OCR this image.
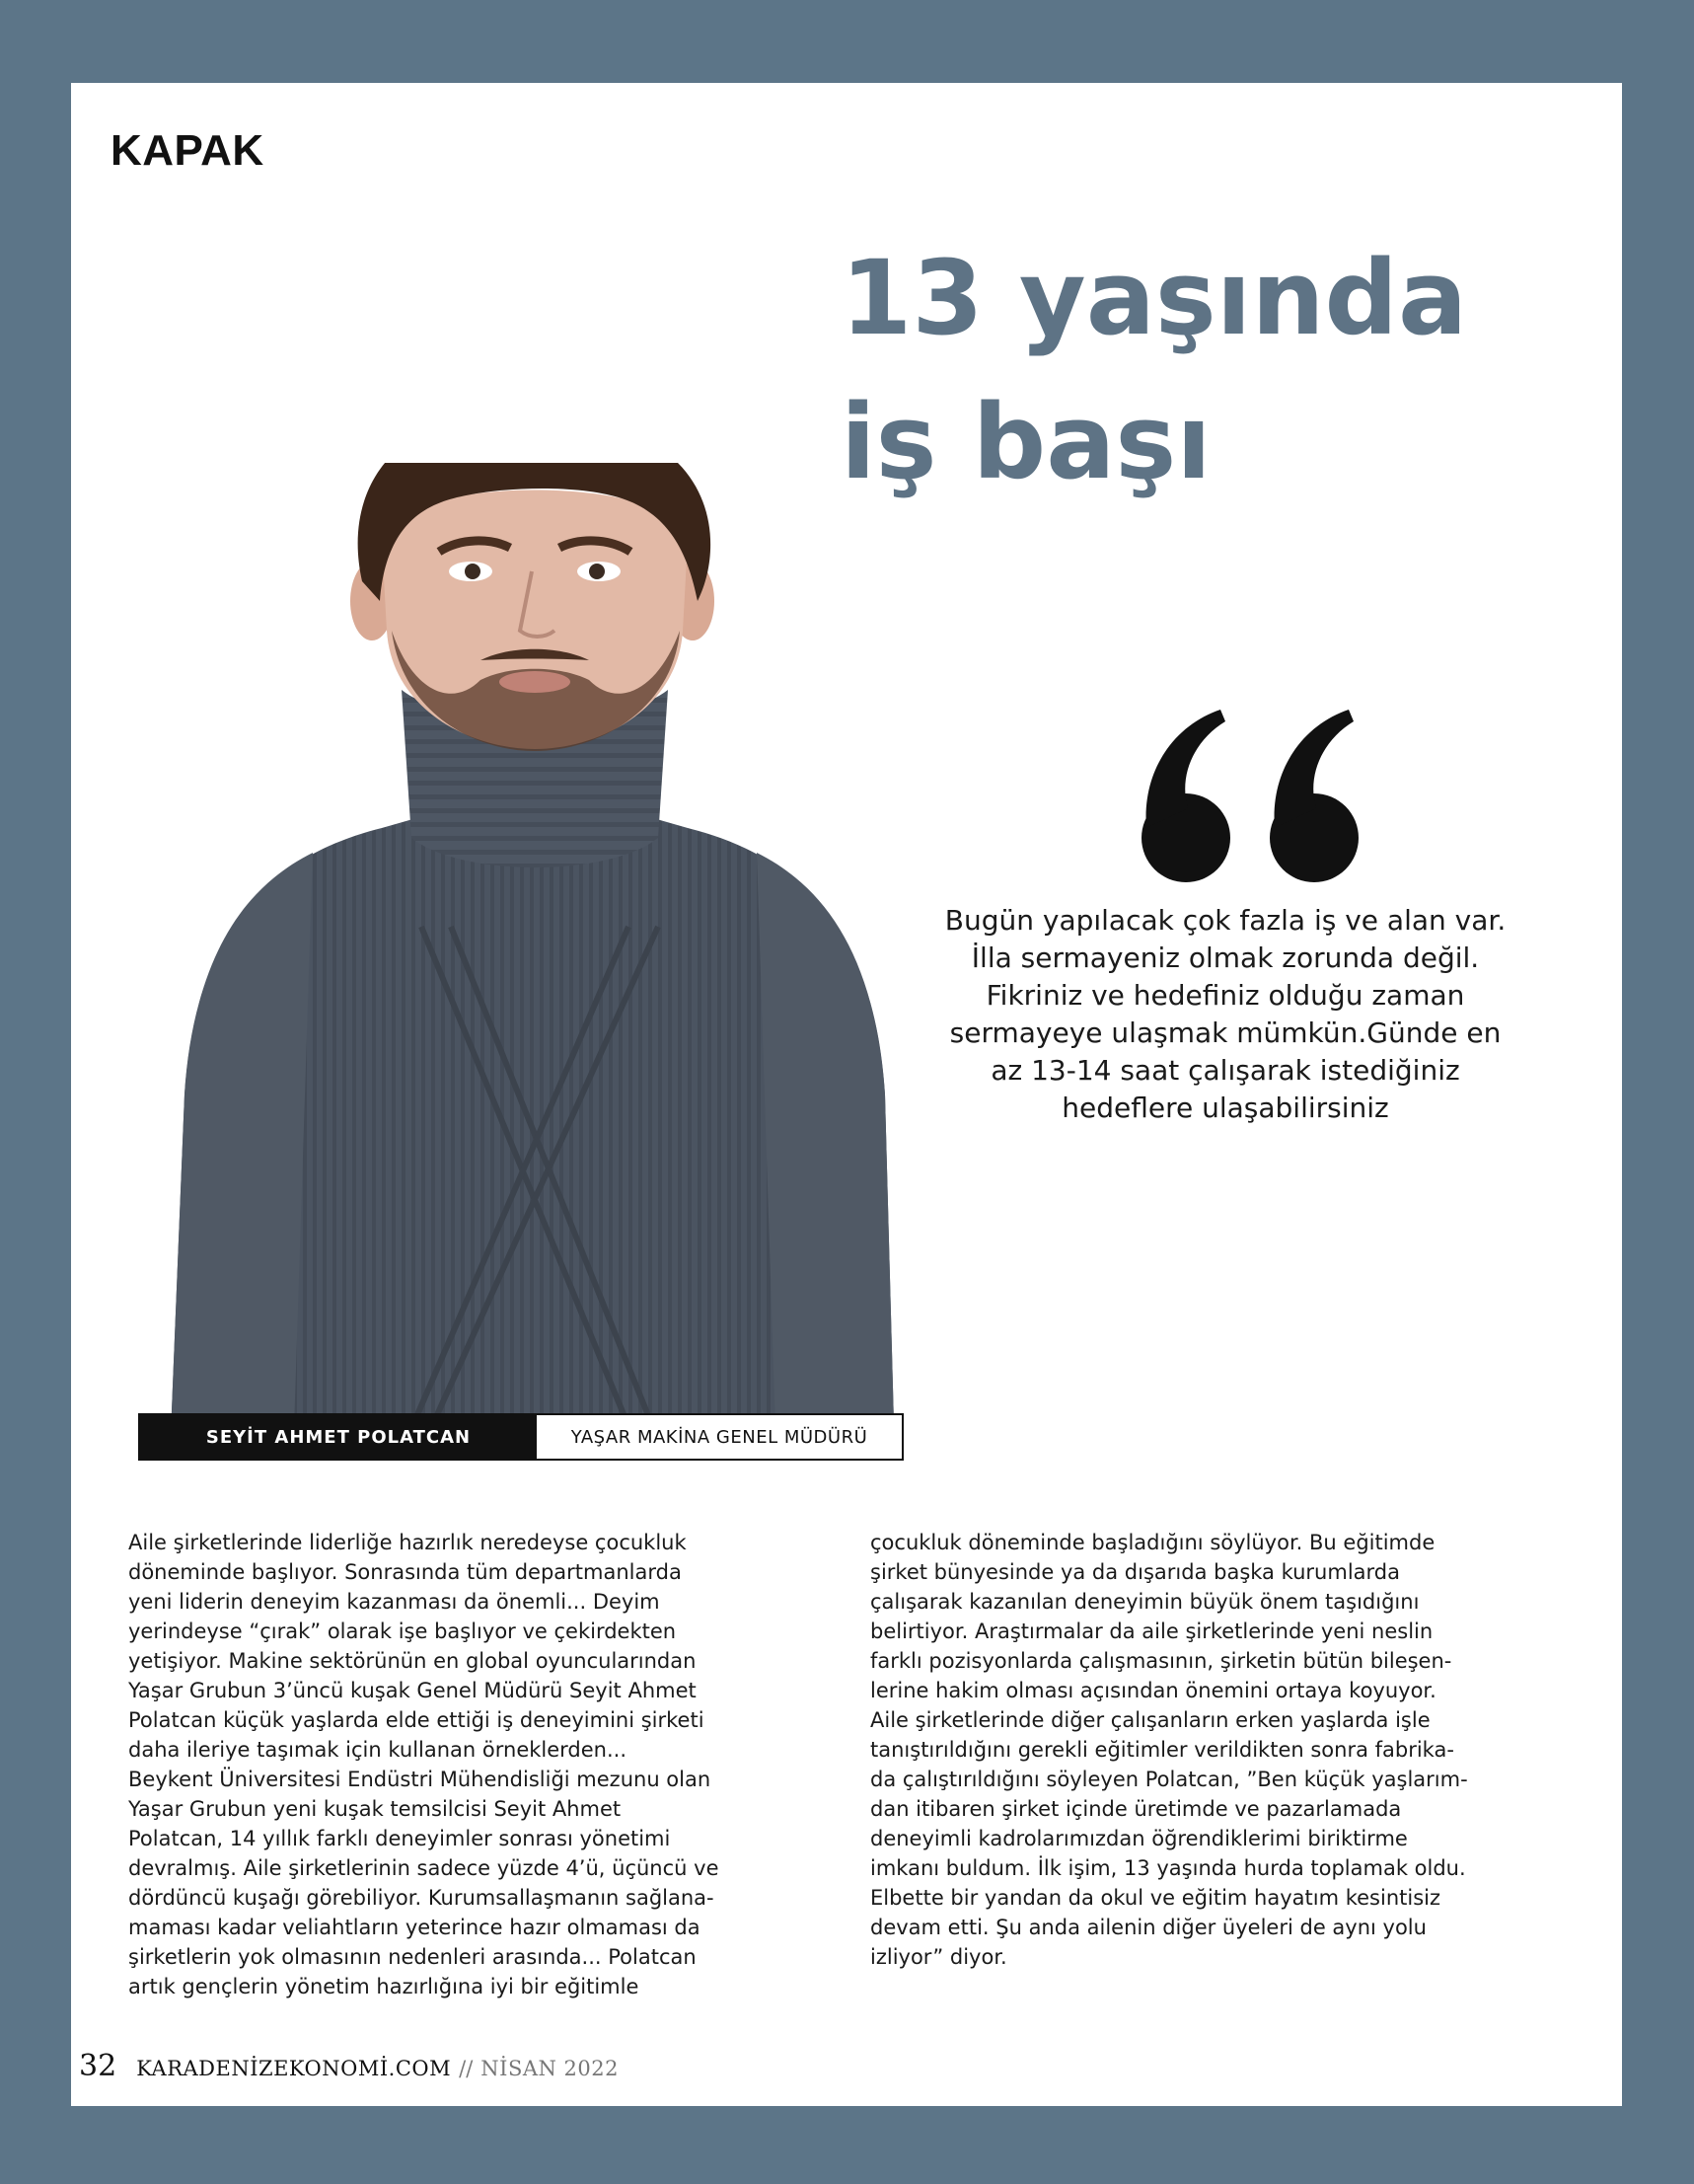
KAPAK
13 yaşında
iş başı
Bugün yapılacak çok fazla iş ve alan var.
İlla sermayeniz olmak zorunda değil.
Fikriniz ve hedefiniz olduğu zaman
sermayeye ulaşmak mümkün.Günde en
az 13-14 saat çalışarak istediğiniz
hedeflere ulaşabilirsiniz
SEYİT AHMET POLATCAN	YAŞAR MAKİNA GENEL MÜDÜRÜ
Aile şirketlerinde liderliğe hazırlık neredeyse çocukluk
döneminde başlıyor. Sonrasında tüm departmanlarda
yeni liderin deneyim kazanması da önemli... Deyim
yerindeyse “çırak” olarak işe başlıyor ve çekirdekten
yetişiyor. Makine sektörünün en global oyuncularından
Yaşar Grubun 3’üncü kuşak Genel Müdürü Seyit Ahmet
Polatcan küçük yaşlarda elde ettiği iş deneyimini şirketi
daha ileriye taşımak için kullanan örneklerden...
Beykent Üniversitesi Endüstri Mühendisliği mezunu olan
Yaşar Grubun yeni kuşak temsilcisi Seyit Ahmet
Polatcan, 14 yıllık farklı deneyimler sonrası yönetimi
devralmış. Aile şirketlerinin sadece yüzde 4’ü, üçüncü ve
dördüncü kuşağı görebiliyor. Kurumsallaşmanın sağlana-
maması kadar veliahtların yeterince hazır olmaması da
şirketlerin yok olmasının nedenleri arasında... Polatcan
artık gençlerin yönetim hazırlığına iyi bir eğitimle
çocukluk döneminde başladığını söylüyor. Bu eğitimde
şirket bünyesinde ya da dışarıda başka kurumlarda
çalışarak kazanılan deneyimin büyük önem taşıdığını
belirtiyor. Araştırmalar da aile şirketlerinde yeni neslin
farklı pozisyonlarda çalışmasının, şirketin bütün bileşen-
lerine hakim olması açısından önemini ortaya koyuyor.
Aile şirketlerinde diğer çalışanların erken yaşlarda işle
tanıştırıldığını gerekli eğitimler verildikten sonra fabrika-
da çalıştırıldığını söyleyen Polatcan, ”Ben küçük yaşlarım-
dan itibaren şirket içinde üretimde ve pazarlamada
deneyimli kadrolarımızdan öğrendiklerimi biriktirme
imkanı buldum. İlk işim, 13 yaşında hurda toplamak oldu.
Elbette bir yandan da okul ve eğitim hayatım kesintisiz
devam etti. Şu anda ailenin diğer üyeleri de aynı yolu
izliyor” diyor.
32 KARADENİZEKONOMİ.COM // NİSAN 2022
